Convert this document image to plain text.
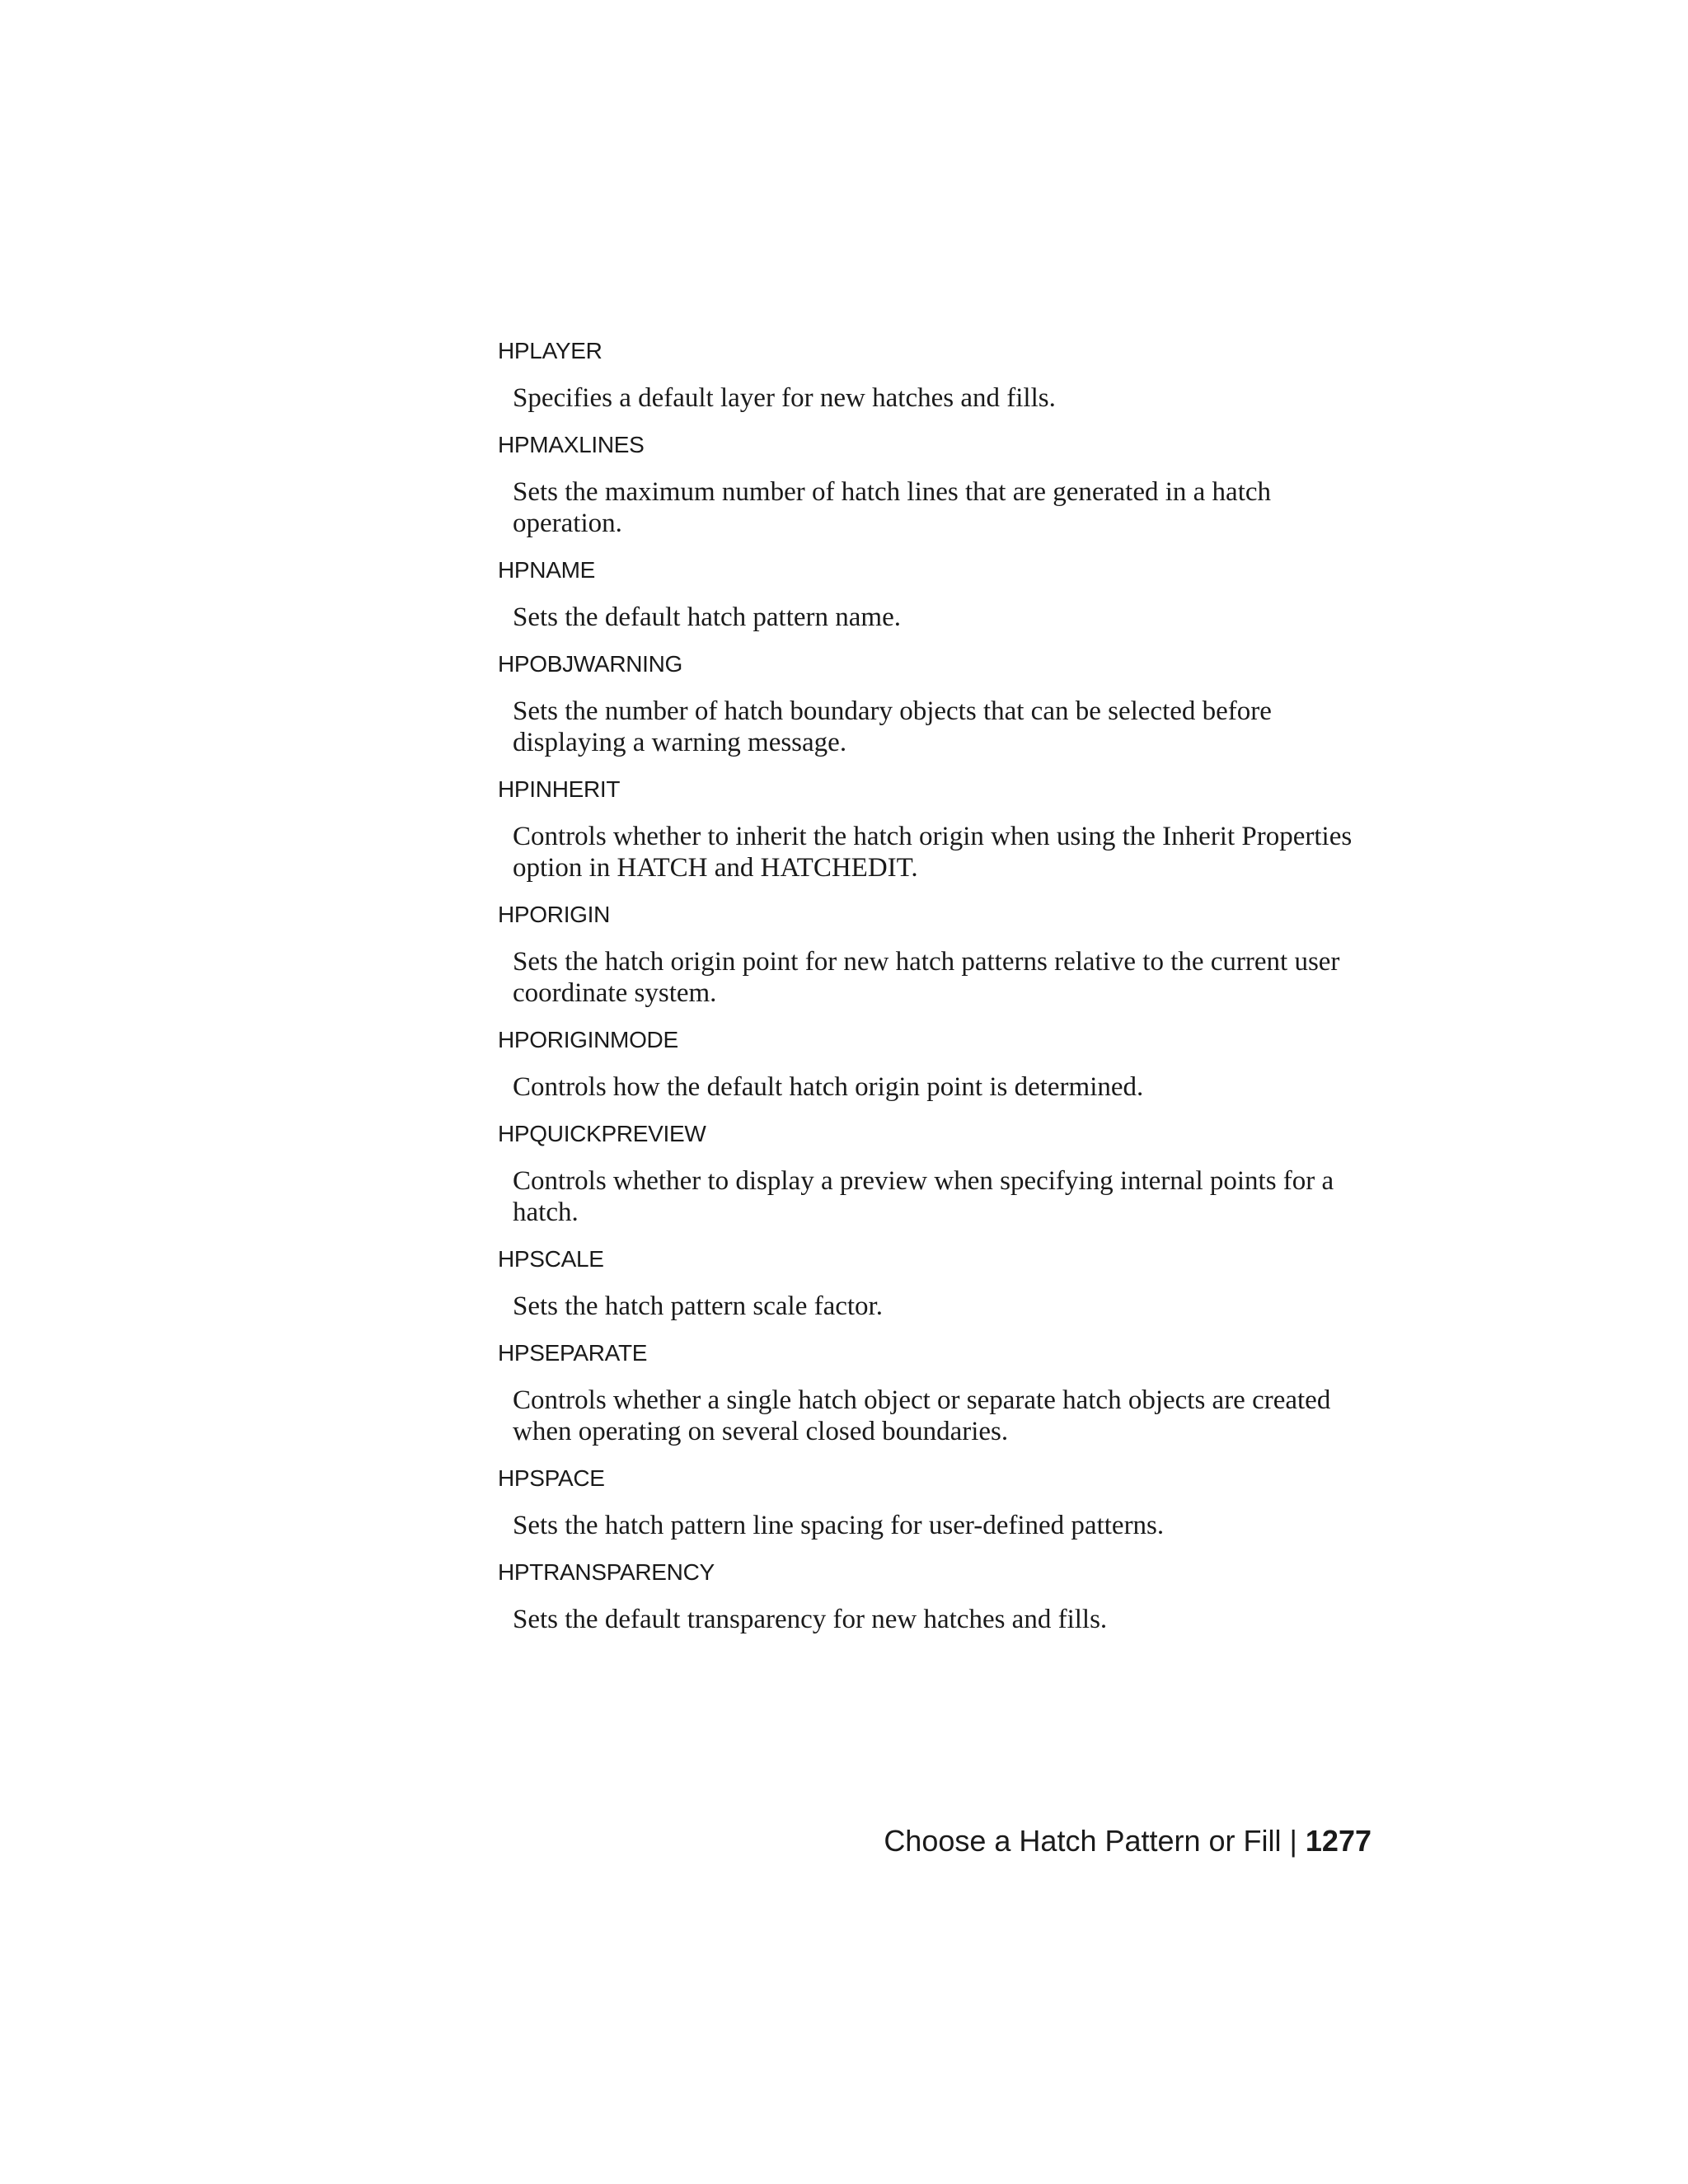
HPLAYER

Specifies a default layer for new hatches and fills.

HPMAXLINES

Sets the maximum number of hatch lines that are generated in a hatch operation.

HPNAME

Sets the default hatch pattern name.

HPOBJWARNING

Sets the number of hatch boundary objects that can be selected before displaying a warning message.

HPINHERIT

Controls whether to inherit the hatch origin when using the Inherit Properties option in HATCH and HATCHEDIT.

HPORIGIN

Sets the hatch origin point for new hatch patterns relative to the current user coordinate system.

HPORIGINMODE

Controls how the default hatch origin point is determined.

HPQUICKPREVIEW

Controls whether to display a preview when specifying internal points for a hatch.

HPSCALE

Sets the hatch pattern scale factor.

HPSEPARATE

Controls whether a single hatch object or separate hatch objects are created when operating on several closed boundaries.

HPSPACE

Sets the hatch pattern line spacing for user-defined patterns.

HPTRANSPARENCY

Sets the default transparency for new hatches and fills.

Choose a Hatch Pattern or Fill | 1277
